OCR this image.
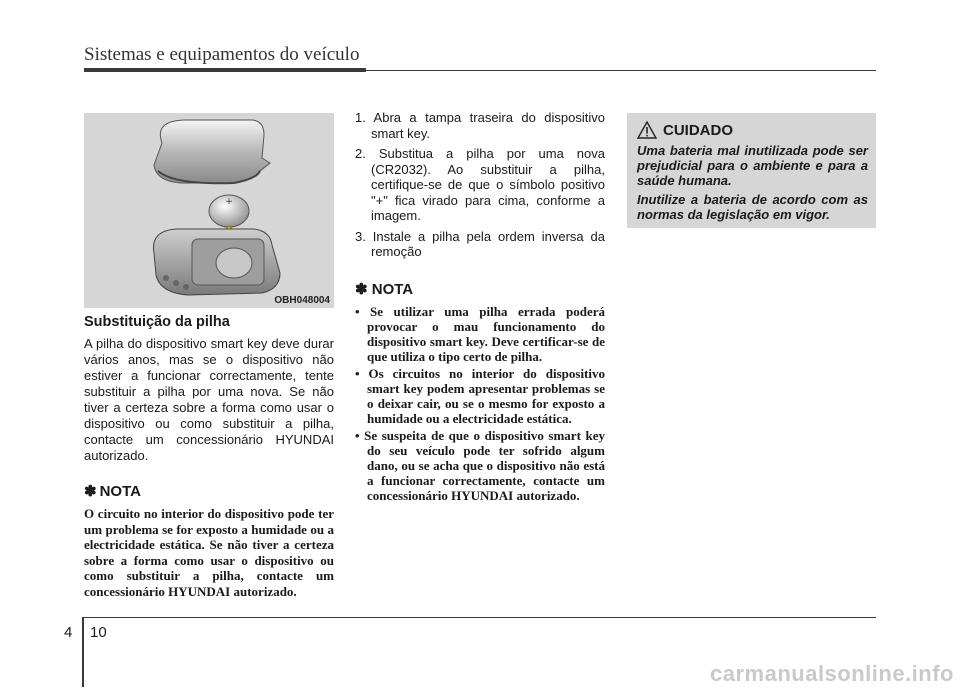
Sistemas e equipamentos do veículo
+
OBH048004
Substituição da pilha

A pilha do dispositivo smart key deve durar vários anos, mas se o dispositivo não estiver a funcionar correctamente, tente substituir a pilha por uma nova. Se não tiver a certeza sobre a forma como usar o dispositivo ou como substituir a pilha, contacte um concessionário HYUNDAI autorizado.

✽ NOTA

O circuito no interior do dispositivo pode ter um problema se for exposto a humidade ou a electricidade estática. Se não tiver a certeza sobre a forma como usar o dispositivo ou como substituir a pilha, contacte um concessionário HYUNDAI autorizado.

1. Abra a tampa traseira do dispositivo smart key.
2. Substitua a pilha por uma nova (CR2032). Ao substituir a pilha, certifique-se de que o símbolo positivo "+" fica virado para cima, conforme a imagem.
3. Instale a pilha pela ordem inversa da remoção
✽ NOTA
• Se utilizar uma pilha errada poderá provocar o mau funcionamento do dispositivo smart key. Deve certificar-se de que utiliza o tipo certo de pilha.
• Os circuitos no interior do dispositivo smart key podem apresentar problemas se o deixar cair, ou se o mesmo for exposto a humidade ou a electricidade estática.
• Se suspeita de que o dispositivo smart key do seu veículo pode ter sofrido algum dano, ou se acha que o dispositivo não está a funcionar correctamente, contacte um concessionário HYUNDAI autorizado.
CUIDADO

Uma bateria mal inutilizada pode ser prejudicial para o ambiente e para a saúde humana.

Inutilize a bateria de acordo com as normas da legislação em vigor.

4 10
carmanualsonline.info
